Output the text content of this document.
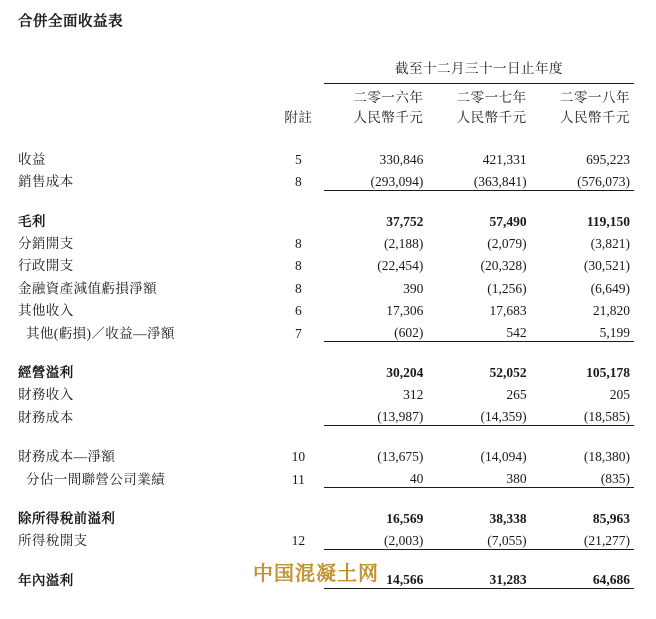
合併全面收益表
		截至十二月三十一日止年度		

	附註	二零一六年	二零一七年	二零一八年
		人民幣千元	人民幣千元	人民幣千元

收益	5	330,846	421,331	695,223
銷售成本	8	(293,094)	(363,841)	(576,073)

毛利		37,752	57,490	119,150
分銷開支	8	(2,188)	(2,079)	(3,821)
行政開支	8	(22,454)	(20,328)	(30,521)
金融資產減值虧損淨額	8	390	(1,256)	(6,649)
其他收入	6	17,306	17,683	21,820
其他(虧損)／收益—淨額	7	(602)	542	5,199

經營溢利		30,204	52,052	105,178
財務收入		312	265	205
財務成本		(13,987)	(14,359)	(18,585)

財務成本—淨額	10	(13,675)	(14,094)	(18,380)
分佔一間聯營公司業績	11	40	380	(835)

除所得稅前溢利		16,569	38,338	85,963
所得稅開支	12	(2,003)	(7,055)	(21,277)

年內溢利		14,566	31,283	64,686
中国混凝土网
